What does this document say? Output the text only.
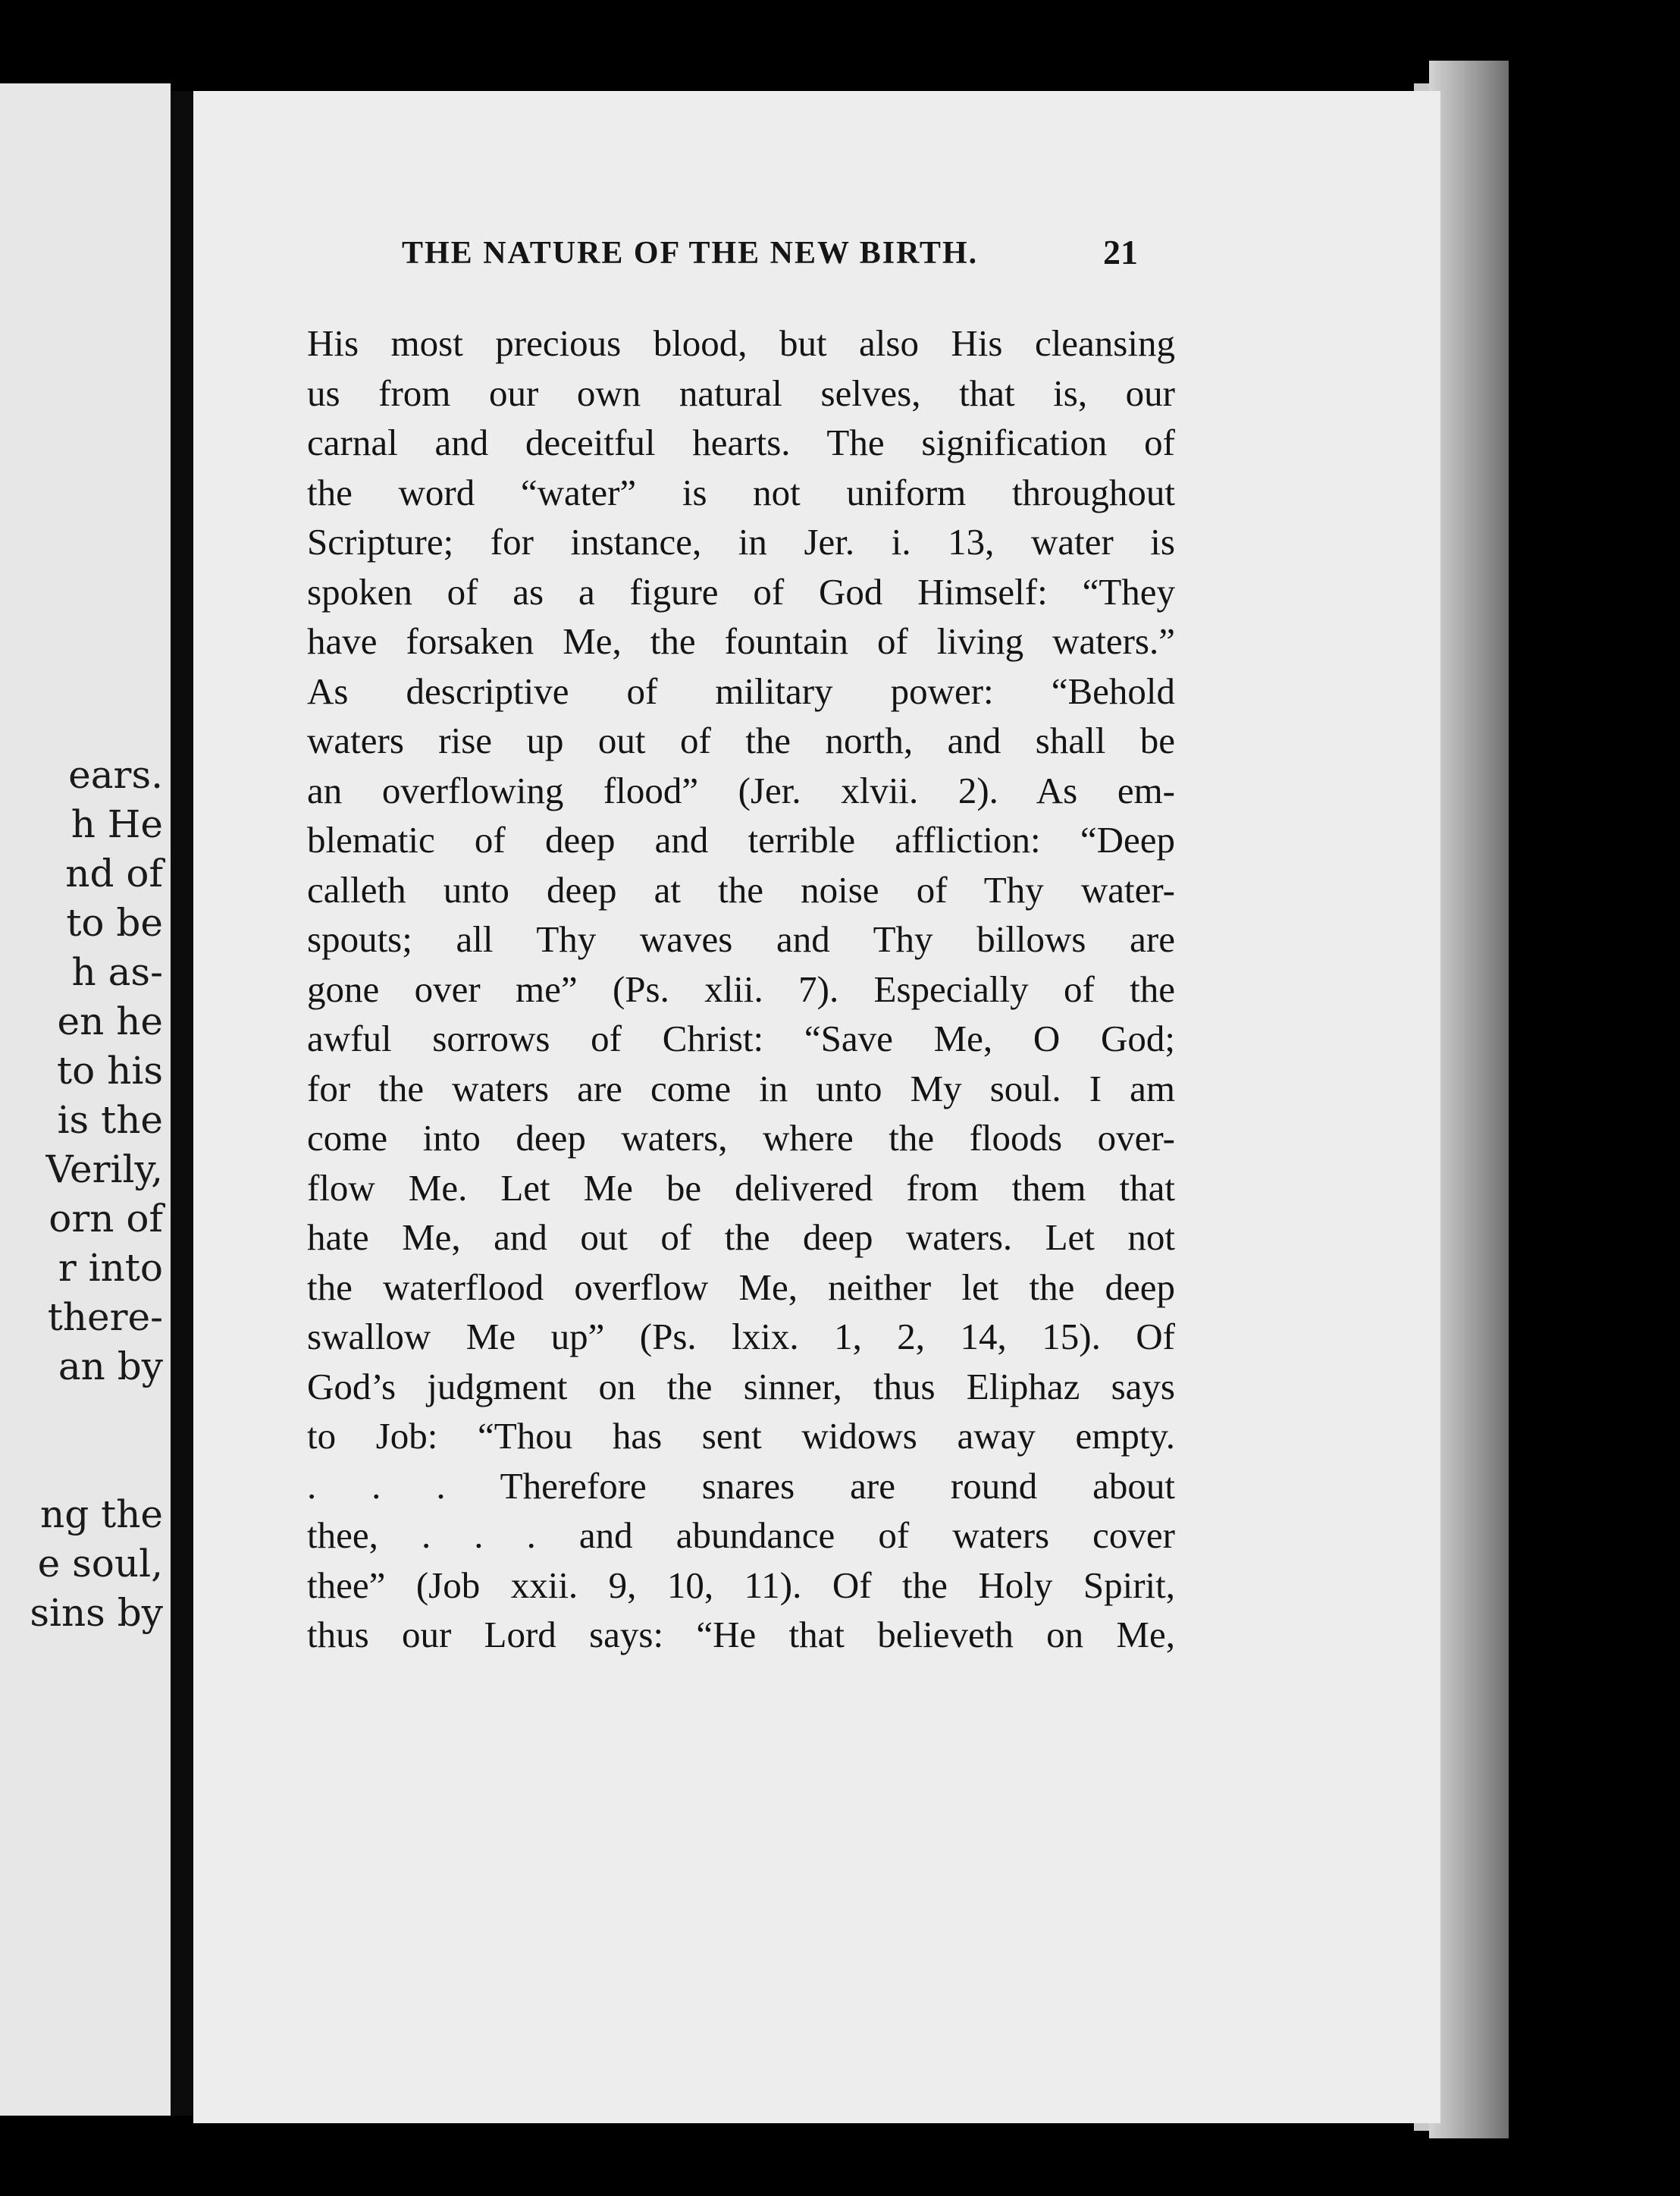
ears.
h He
nd of
to be
h as-
en he
to his
is the
Verily,
orn of
r into
there-
an by
ng the
e soul,
sins by
THE NATURE OF THE NEW BIRTH.	21
His most precious blood, but also His cleansing
us from our own natural selves, that is, our
carnal and deceitful hearts. The signification of
the word “water” is not uniform throughout
Scripture; for instance, in Jer. i. 13, water is
spoken of as a figure of God Himself: “They
have forsaken Me, the fountain of living waters.”
As descriptive of military power: “Behold
waters rise up out of the north, and shall be
an overflowing flood” (Jer. xlvii. 2). As em-
blematic of deep and terrible affliction: “Deep
calleth unto deep at the noise of Thy water-
spouts; all Thy waves and Thy billows are
gone over me” (Ps. xlii. 7). Especially of the
awful sorrows of Christ: “Save Me, O God;
for the waters are come in unto My soul. I am
come into deep waters, where the floods over-
flow Me. Let Me be delivered from them that
hate Me, and out of the deep waters. Let not
the waterflood overflow Me, neither let the deep
swallow Me up” (Ps. lxix. 1, 2, 14, 15). Of
God’s judgment on the sinner, thus Eliphaz says
to Job: “Thou has sent widows away empty.
. . . Therefore snares are round about
thee, . . . and abundance of waters cover
thee” (Job xxii. 9, 10, 11). Of the Holy Spirit,
thus our Lord says: “He that believeth on Me,
